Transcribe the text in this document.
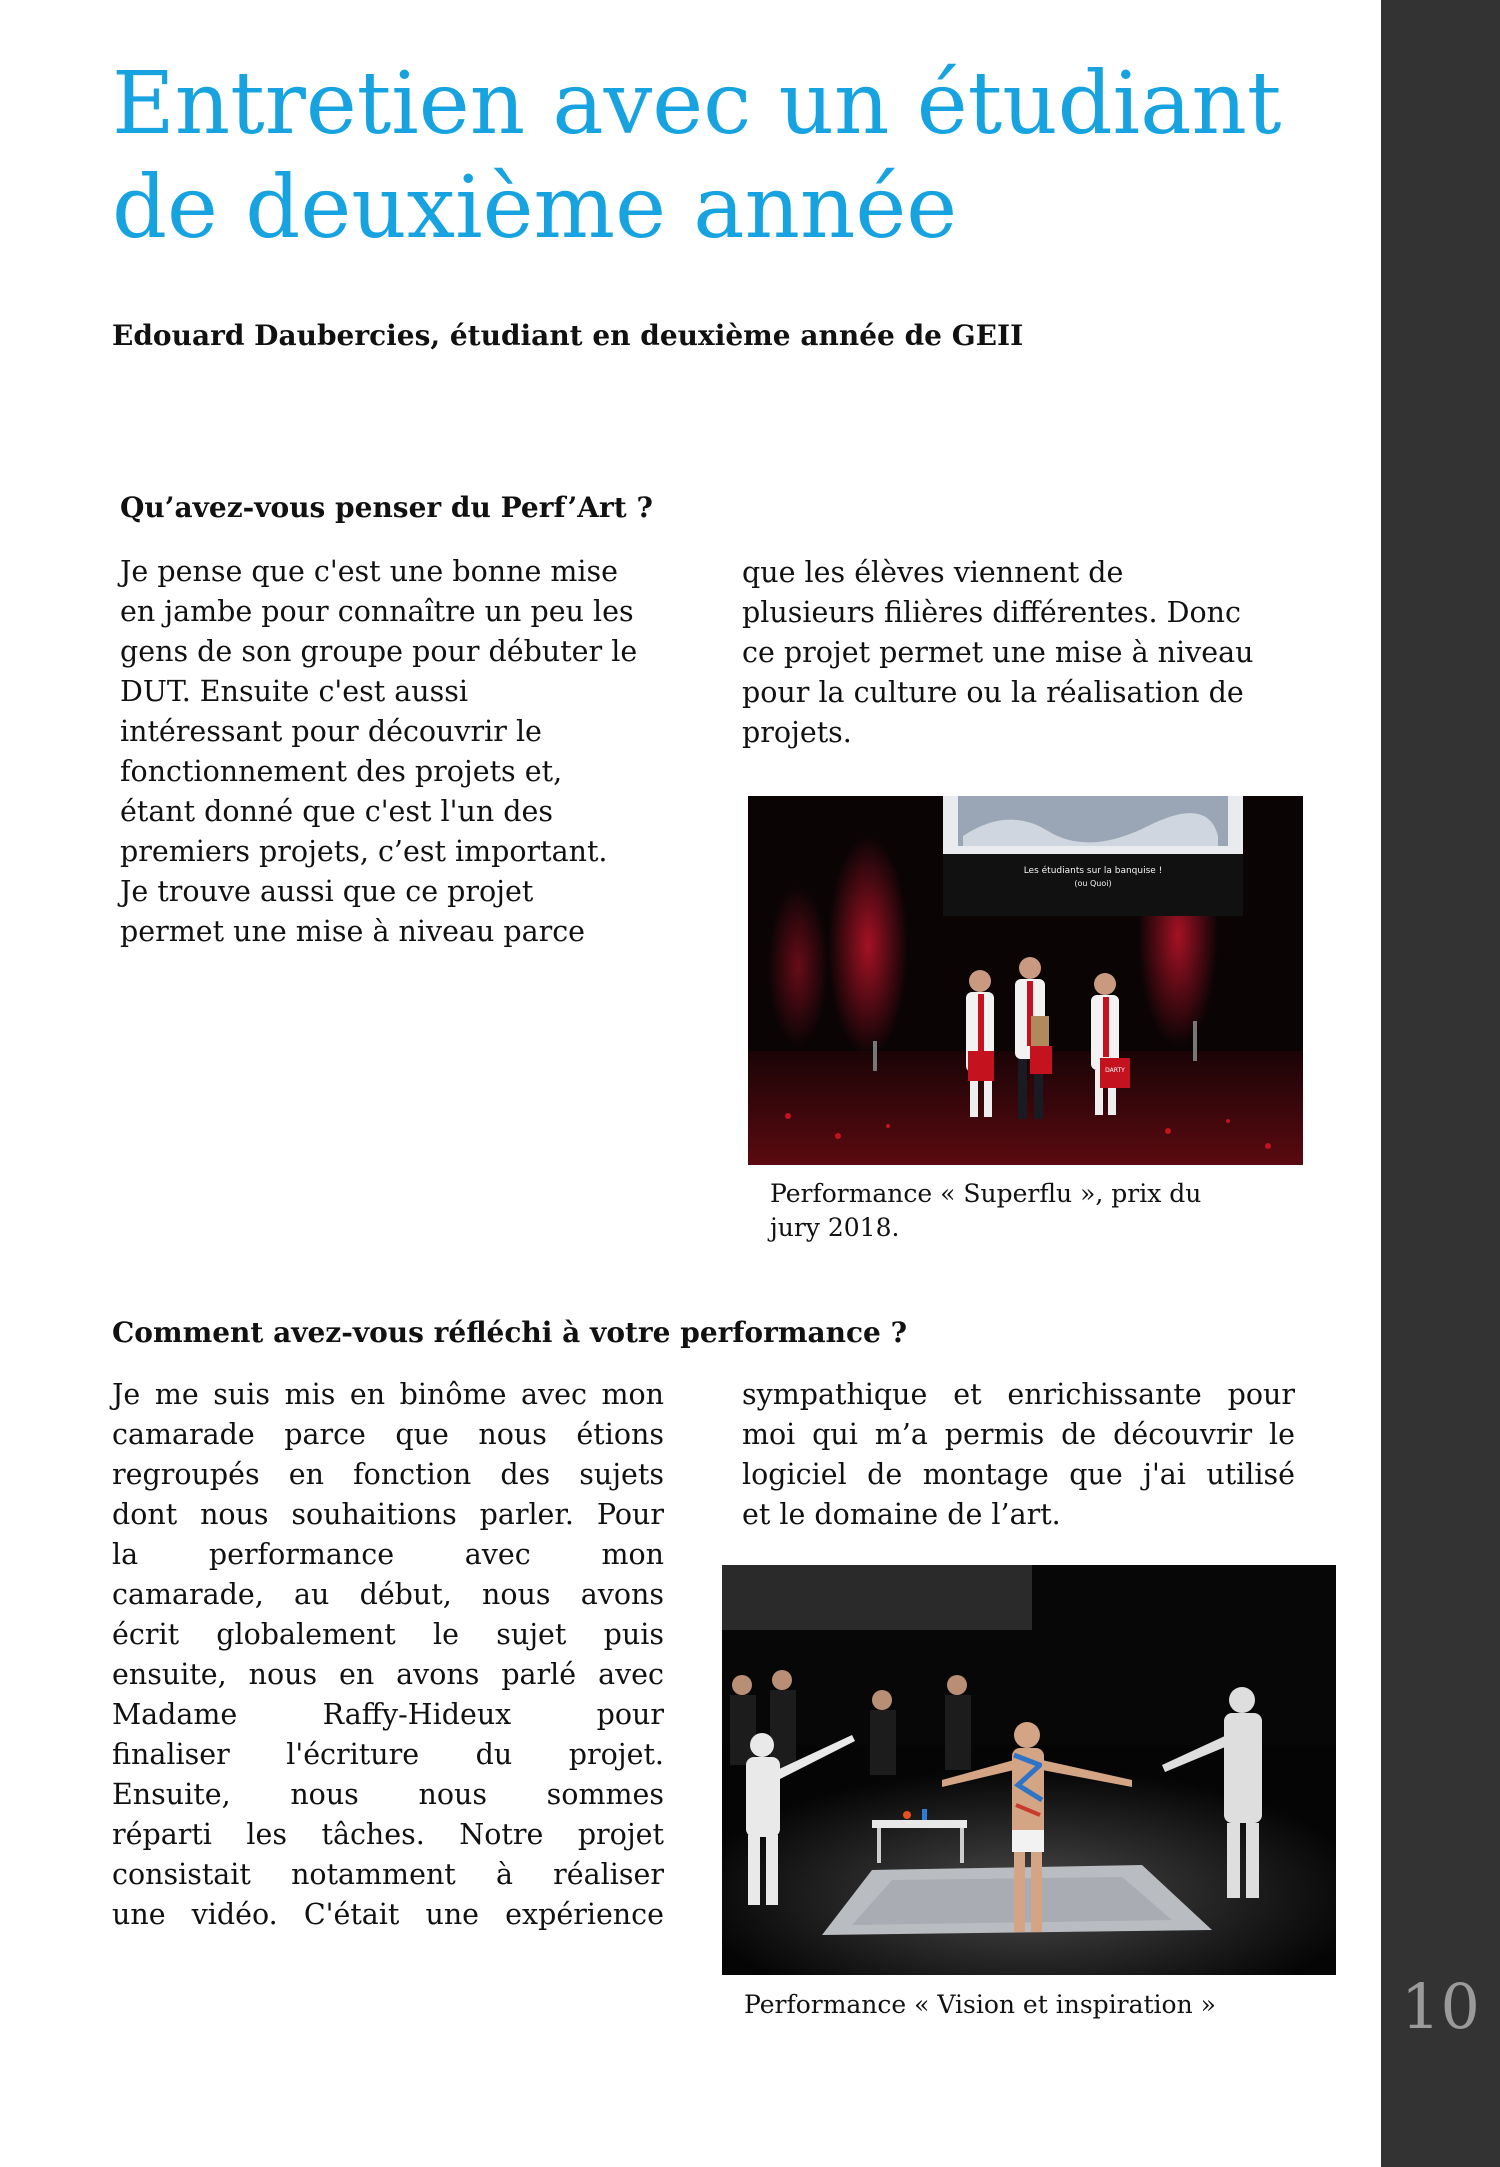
10
Entretien avec un étudiant
de deuxième année

Edouard Daubercies, étudiant en deuxième année de GEII

Qu’avez-vous penser du Perf’Art ?

Je pense que c'est une bonne mise
en jambe pour connaître un peu les
gens de son groupe pour débuter le
DUT. Ensuite c'est aussi
intéressant pour découvrir le
fonctionnement des projets et,
étant donné que c'est l'un des
premiers projets, c’est important.
Je trouve aussi que ce projet
permet une mise à niveau parce

que les élèves viennent de
plusieurs filières différentes. Donc
ce projet permet une mise à niveau
pour la culture ou la réalisation de
projets.

Les étudiants sur la banquise !
(ou Quoi)
DARTY

Performance « Superflu », prix du
jury 2018.

Comment avez-vous réfléchi à votre performance ?
Je me suis mis en binôme avec mon
camarade parce que nous étions
regroupés en fonction des sujets
dont nous souhaitions parler. Pour
la performance avec mon
camarade, au début, nous avons
écrit globalement le sujet puis
ensuite, nous en avons parlé avec
Madame Raffy-Hideux pour
finaliser l'écriture du projet.
Ensuite, nous nous sommes
réparti les tâches. Notre projet
consistait notamment à réaliser
une vidéo. C'était une expérience
sympathique et enrichissante pour
moi qui m’a permis de découvrir le
logiciel de montage que j'ai utilisé
et le domaine de l’art.

Performance « Vision et inspiration »
